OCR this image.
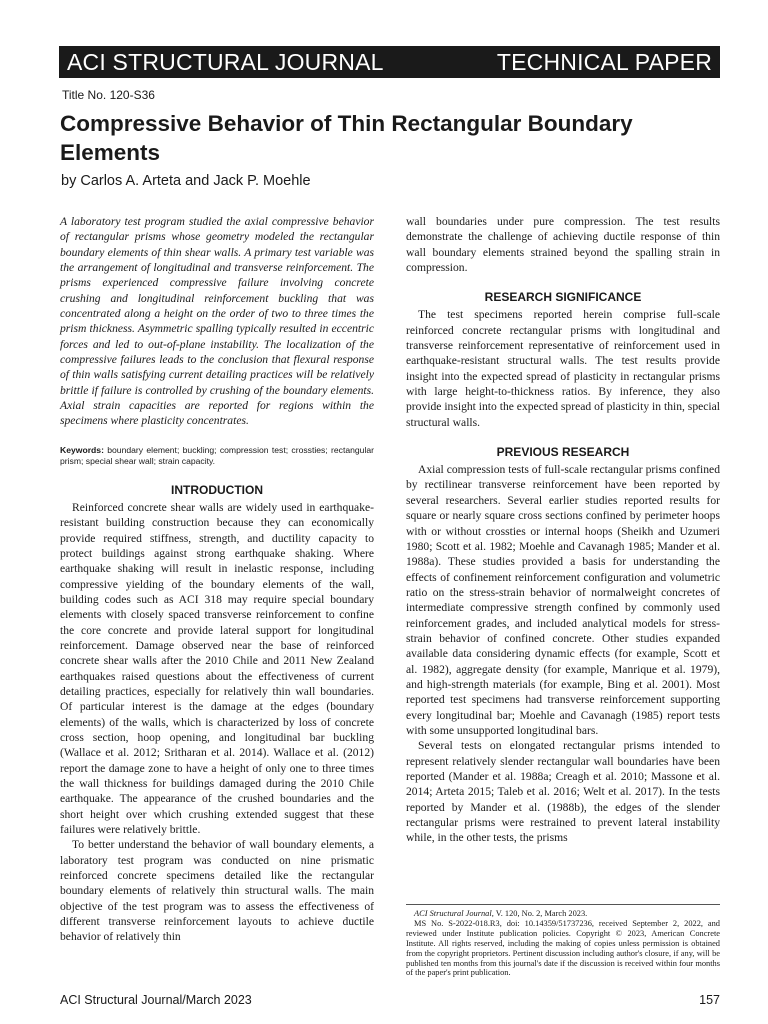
ACI STRUCTURAL JOURNAL	TECHNICAL PAPER
Title No. 120-S36
Compressive Behavior of Thin Rectangular Boundary Elements
by Carlos A. Arteta and Jack P. Moehle

A laboratory test program studied the axial compressive behavior of rectangular prisms whose geometry modeled the rectangular boundary elements of thin shear walls. A primary test variable was the arrangement of longitudinal and transverse reinforcement. The prisms experienced compressive failure involving concrete crushing and longitudinal reinforcement buckling that was concentrated along a height on the order of two to three times the prism thickness. Asymmetric spalling typically resulted in eccentric forces and led to out-of-plane instability. The localization of the compressive failures leads to the conclusion that flexural response of thin walls satisfying current detailing practices will be relatively brittle if failure is controlled by crushing of the boundary elements. Axial strain capacities are reported for regions within the specimens where plasticity concentrates.

Keywords: boundary element; buckling; compression test; crossties; rectangular prism; special shear wall; strain capacity.

INTRODUCTION

Reinforced concrete shear walls are widely used in earthquake-resistant building construction because they can economically provide required stiffness, strength, and ductility capacity to protect buildings against strong earthquake shaking. Where earthquake shaking will result in inelastic response, including compressive yielding of the boundary elements of the wall, building codes such as ACI 318 may require special boundary elements with closely spaced transverse reinforcement to confine the core concrete and provide lateral support for longitudinal reinforcement. Damage observed near the base of reinforced concrete shear walls after the 2010 Chile and 2011 New Zealand earthquakes raised questions about the effectiveness of current detailing practices, especially for relatively thin wall boundaries. Of particular interest is the damage at the edges (boundary elements) of the walls, which is characterized by loss of concrete cross section, hoop opening, and longitudinal bar buckling (Wallace et al. 2012; Sritharan et al. 2014). Wallace et al. (2012) report the damage zone to have a height of only one to three times the wall thickness for buildings damaged during the 2010 Chile earthquake. The appearance of the crushed boundaries and the short height over which crushing extended suggest that these failures were relatively brittle.

To better understand the behavior of wall boundary elements, a laboratory test program was conducted on nine prismatic reinforced concrete specimens detailed like the rectangular boundary elements of relatively thin structural walls. The main objective of the test program was to assess the effectiveness of different transverse reinforcement layouts to achieve ductile behavior of relatively thin

wall boundaries under pure compression. The test results demonstrate the challenge of achieving ductile response of thin wall boundary elements strained beyond the spalling strain in compression.

RESEARCH SIGNIFICANCE

The test specimens reported herein comprise full-scale reinforced concrete rectangular prisms with longitudinal and transverse reinforcement representative of reinforcement used in earthquake-resistant structural walls. The test results provide insight into the expected spread of plasticity in rectangular prisms with large height-to-thickness ratios. By inference, they also provide insight into the expected spread of plasticity in thin, special structural walls.

PREVIOUS RESEARCH

Axial compression tests of full-scale rectangular prisms confined by rectilinear transverse reinforcement have been reported by several researchers. Several earlier studies reported results for square or nearly square cross sections confined by perimeter hoops with or without crossties or internal hoops (Sheikh and Uzumeri 1980; Scott et al. 1982; Moehle and Cavanagh 1985; Mander et al. 1988a). These studies provided a basis for understanding the effects of confinement reinforcement configuration and volumetric ratio on the stress-strain behavior of normalweight concretes of intermediate compressive strength confined by commonly used reinforcement grades, and included analytical models for stress-strain behavior of confined concrete. Other studies expanded available data considering dynamic effects (for example, Scott et al. 1982), aggregate density (for example, Manrique et al. 1979), and high-strength materials (for example, Bing et al. 2001). Most reported test specimens had transverse reinforcement supporting every longitudinal bar; Moehle and Cavanagh (1985) report tests with some unsupported longitudinal bars.

Several tests on elongated rectangular prisms intended to represent relatively slender rectangular wall boundaries have been reported (Mander et al. 1988a; Creagh et al. 2010; Massone et al. 2014; Arteta 2015; Taleb et al. 2016; Welt et al. 2017). In the tests reported by Mander et al. (1988b), the edges of the slender rectangular prisms were restrained to prevent lateral instability while, in the other tests, the prisms

ACI Structural Journal, V. 120, No. 2, March 2023.

MS No. S-2022-018.R3, doi: 10.14359/51737236, received September 2, 2022, and reviewed under Institute publication policies. Copyright © 2023, American Concrete Institute. All rights reserved, including the making of copies unless permission is obtained from the copyright proprietors. Pertinent discussion including author's closure, if any, will be published ten months from this journal's date if the discussion is received within four months of the paper's print publication.

ACI Structural Journal/March 2023	157
